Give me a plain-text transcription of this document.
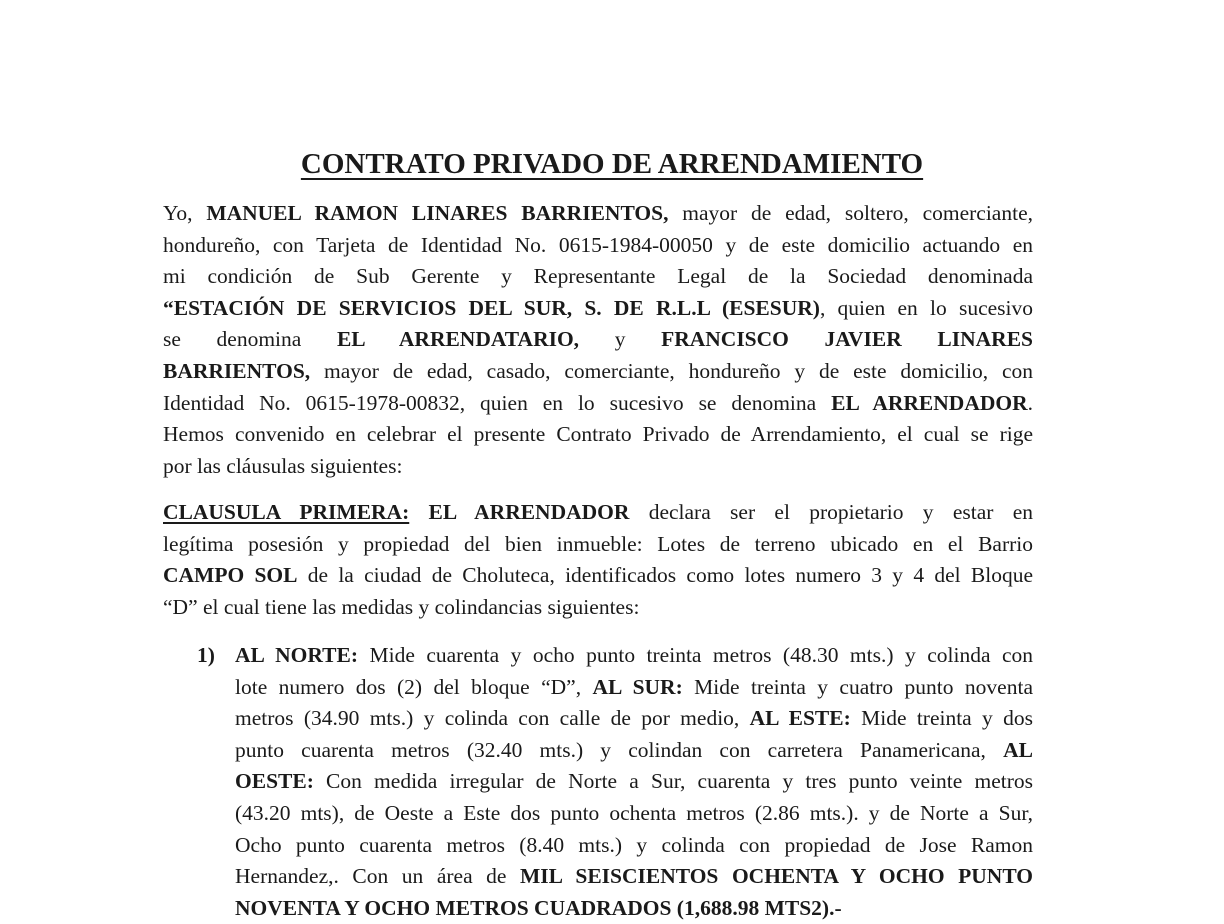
CONTRATO PRIVADO DE ARRENDAMIENTO
Yo, MANUEL RAMON LINARES BARRIENTOS, mayor de edad, soltero, comerciante,
hondureño, con Tarjeta de Identidad No. 0615-1984-00050 y de este domicilio actuando en
mi condición de Sub Gerente y Representante Legal de la Sociedad denominada
“ESTACIÓN DE SERVICIOS DEL SUR, S. DE R.L.L (ESESUR), quien en lo sucesivo
se denomina EL ARRENDATARIO, y FRANCISCO JAVIER LINARES
BARRIENTOS, mayor de edad, casado, comerciante, hondureño y de este domicilio, con
Identidad No. 0615-1978-00832, quien en lo sucesivo se denomina EL ARRENDADOR.
Hemos convenido en celebrar el presente Contrato Privado de Arrendamiento, el cual se rige
por las cláusulas siguientes:
CLAUSULA PRIMERA: EL ARRENDADOR declara ser el propietario y estar en
legítima posesión y propiedad del bien inmueble: Lotes de terreno ubicado en el Barrio
CAMPO SOL de la ciudad de Choluteca, identificados como lotes numero 3 y 4 del Bloque
“D” el cual tiene las medidas y colindancias siguientes:
1) AL NORTE: Mide cuarenta y ocho punto treinta metros (48.30 mts.) y colinda con
lote numero dos (2) del bloque “D”, AL SUR: Mide treinta y cuatro punto noventa
metros (34.90 mts.) y colinda con calle de por medio, AL ESTE: Mide treinta y dos
punto cuarenta metros (32.40 mts.) y colindan con carretera Panamericana, AL
OESTE: Con medida irregular de Norte a Sur, cuarenta y tres punto veinte metros
(43.20 mts), de Oeste a Este dos punto ochenta metros (2.86 mts.). y de Norte a Sur,
Ocho punto cuarenta metros (8.40 mts.) y colinda con propiedad de Jose Ramon
Hernandez,. Con un área de MIL SEISCIENTOS OCHENTA Y OCHO PUNTO
NOVENTA Y OCHO METROS CUADRADOS (1,688.98 MTS2).-
